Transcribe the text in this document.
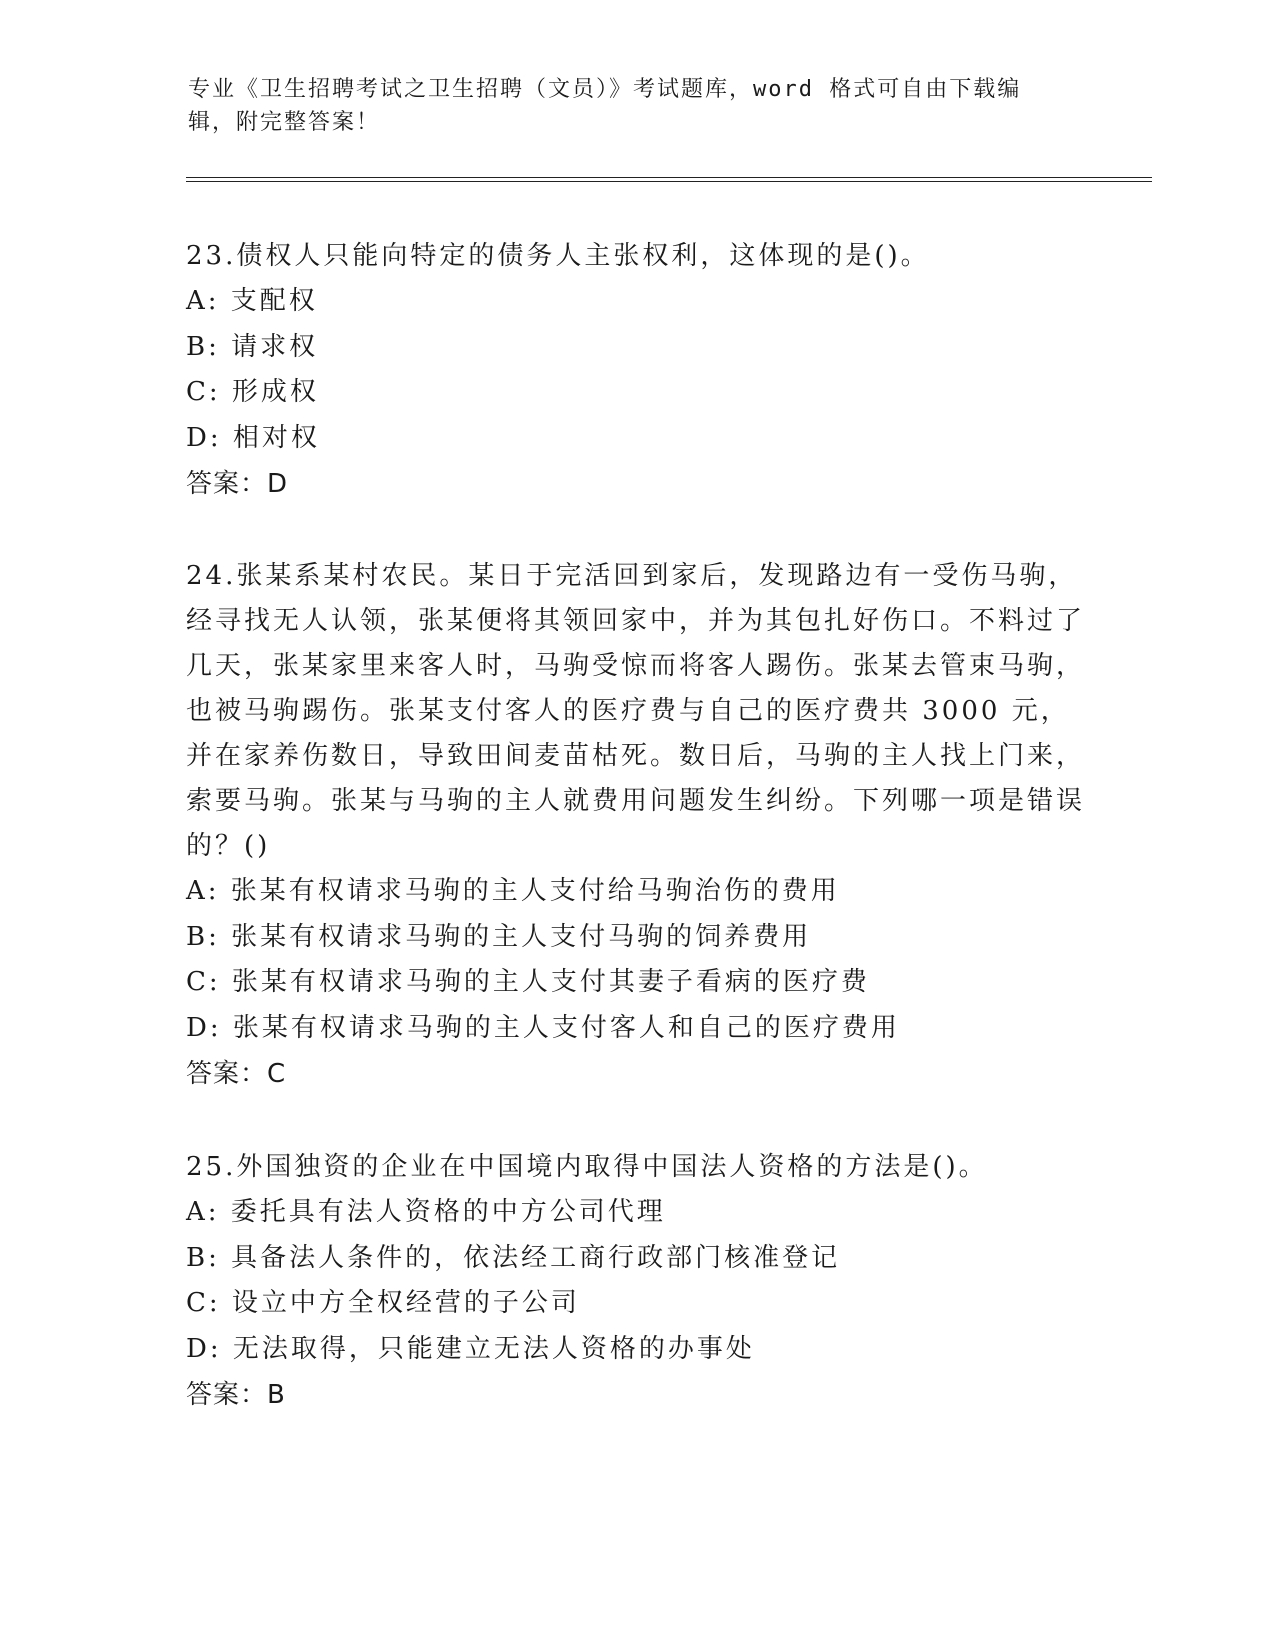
专业《卫生招聘考试之卫生招聘（文员）》考试题库，word 格式可自由下载编辑，附完整答案！
23.债权人只能向特定的债务人主张权利，这体现的是()。
A: 支配权
B: 请求权
C: 形成权
D: 相对权
答案：D
24.张某系某村农民。某日于完活回到家后，发现路边有一受伤马驹，经寻找无人认领，张某便将其领回家中，并为其包扎好伤口。不料过了几天，张某家里来客人时，马驹受惊而将客人踢伤。张某去管束马驹，也被马驹踢伤。张某支付客人的医疗费与自己的医疗费共 3000 元，并在家养伤数日，导致田间麦苗枯死。数日后，马驹的主人找上门来，索要马驹。张某与马驹的主人就费用问题发生纠纷。下列哪一项是错误的？()
A: 张某有权请求马驹的主人支付给马驹治伤的费用
B: 张某有权请求马驹的主人支付马驹的饲养费用
C: 张某有权请求马驹的主人支付其妻子看病的医疗费
D: 张某有权请求马驹的主人支付客人和自己的医疗费用
答案：C
25.外国独资的企业在中国境内取得中国法人资格的方法是()。
A: 委托具有法人资格的中方公司代理
B: 具备法人条件的，依法经工商行政部门核准登记
C: 设立中方全权经营的子公司
D: 无法取得，只能建立无法人资格的办事处
答案：B
